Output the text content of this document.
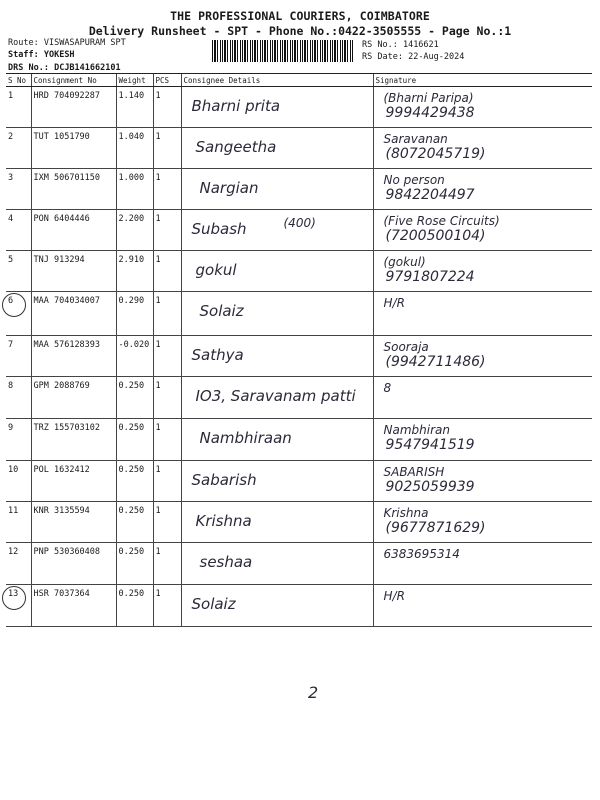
THE PROFESSIONAL COURIERS, COIMBATORE
Delivery Runsheet - SPT - Phone No.:0422-3505555 - Page No.:1
Route: VISWASAPURAM SPT
Staff: YOKESH
DRS No.: DCJB141662101
RS No.: 1416621
RS Date: 22-Aug-2024
S No	Consignment No	Weight	PCS	Consignee Details	Signature
1	HRD 704092287	1.140	1	Bharni prita	(Bharni Paripa)
9994429438

2	TUT 1051790	1.040	1	Sangeetha	Saravanan
(8072045719)

3	IXM 506701150	1.000	1	Nargian	No person
9842204497

4	PON 6404446	2.200	1	Subash (400)	(Five Rose Circuits)
(7200500104)

5	TNJ 913294	2.910	1	gokul	(gokul)
9791807224

6	MAA 704034007	0.290	1	Solaiz	H/R

7	MAA 576128393	-0.020	1	Sathya	Sooraja
(9942711486)

8	GPM 2088769	0.250	1	IO3, Saravanam patti	8

9	TRZ 155703102	0.250	1	Nambhiraan	Nambhiran
9547941519

10	POL 1632412	0.250	1	Sabarish	SABARISH
9025059939

11	KNR 3135594	0.250	1	Krishna	Krishna
(9677871629)

12	PNP 530360408	0.250	1	seshaa	6383695314

13	HSR 7037364	0.250	1	Solaiz	H/R
2
